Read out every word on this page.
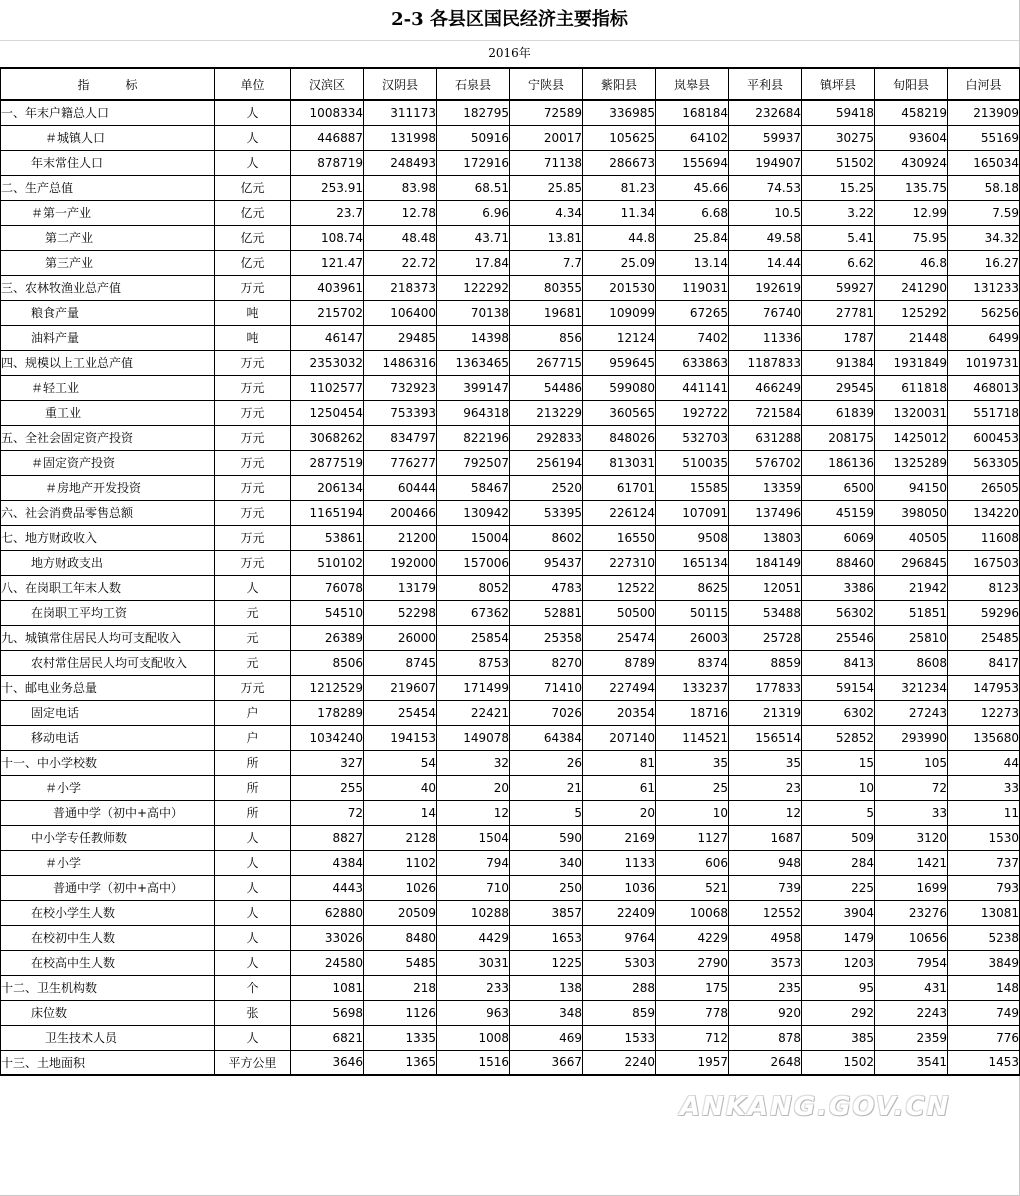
2-3 各县区国民经济主要指标
2016年
指　　　标	单位	汉滨区	汉阴县	石泉县	宁陕县	紫阳县	岚皋县	平利县	镇坪县	旬阳县	白河县
一、年末户籍总人口	人	1008334	311173	182795	72589	336985	168184	232684	59418	458219	213909
＃城镇人口	人	446887	131998	50916	20017	105625	64102	59937	30275	93604	55169
年末常住人口	人	878719	248493	172916	71138	286673	155694	194907	51502	430924	165034
二、生产总值	亿元	253.91	83.98	68.51	25.85	81.23	45.66	74.53	15.25	135.75	58.18
＃第一产业	亿元	23.7	12.78	6.96	4.34	11.34	6.68	10.5	3.22	12.99	7.59
第二产业	亿元	108.74	48.48	43.71	13.81	44.8	25.84	49.58	5.41	75.95	34.32
第三产业	亿元	121.47	22.72	17.84	7.7	25.09	13.14	14.44	6.62	46.8	16.27
三、农林牧渔业总产值	万元	403961	218373	122292	80355	201530	119031	192619	59927	241290	131233
粮食产量	吨	215702	106400	70138	19681	109099	67265	76740	27781	125292	56256
油料产量	吨	46147	29485	14398	856	12124	7402	11336	1787	21448	6499
四、规模以上工业总产值	万元	2353032	1486316	1363465	267715	959645	633863	1187833	91384	1931849	1019731
＃轻工业	万元	1102577	732923	399147	54486	599080	441141	466249	29545	611818	468013
重工业	万元	1250454	753393	964318	213229	360565	192722	721584	61839	1320031	551718
五、全社会固定资产投资	万元	3068262	834797	822196	292833	848026	532703	631288	208175	1425012	600453
＃固定资产投资	万元	2877519	776277	792507	256194	813031	510035	576702	186136	1325289	563305
＃房地产开发投资	万元	206134	60444	58467	2520	61701	15585	13359	6500	94150	26505
六、社会消费品零售总额	万元	1165194	200466	130942	53395	226124	107091	137496	45159	398050	134220
七、地方财政收入	万元	53861	21200	15004	8602	16550	9508	13803	6069	40505	11608
地方财政支出	万元	510102	192000	157006	95437	227310	165134	184149	88460	296845	167503
八、在岗职工年末人数	人	76078	13179	8052	4783	12522	8625	12051	3386	21942	8123
在岗职工平均工资	元	54510	52298	67362	52881	50500	50115	53488	56302	51851	59296
九、城镇常住居民人均可支配收入	元	26389	26000	25854	25358	25474	26003	25728	25546	25810	25485
农村常住居民人均可支配收入	元	8506	8745	8753	8270	8789	8374	8859	8413	8608	8417
十、邮电业务总量	万元	1212529	219607	171499	71410	227494	133237	177833	59154	321234	147953
固定电话	户	178289	25454	22421	7026	20354	18716	21319	6302	27243	12273
移动电话	户	1034240	194153	149078	64384	207140	114521	156514	52852	293990	135680
十一、中小学校数	所	327	54	32	26	81	35	35	15	105	44
＃小学	所	255	40	20	21	61	25	23	10	72	33
普通中学（初中+高中）	所	72	14	12	5	20	10	12	5	33	11
中小学专任教师数	人	8827	2128	1504	590	2169	1127	1687	509	3120	1530
＃小学	人	4384	1102	794	340	1133	606	948	284	1421	737
普通中学（初中+高中）	人	4443	1026	710	250	1036	521	739	225	1699	793
在校小学生人数	人	62880	20509	10288	3857	22409	10068	12552	3904	23276	13081
在校初中生人数	人	33026	8480	4429	1653	9764	4229	4958	1479	10656	5238
在校高中生人数	人	24580	5485	3031	1225	5303	2790	3573	1203	7954	3849
十二、卫生机构数	个	1081	218	233	138	288	175	235	95	431	148
床位数	张	5698	1126	963	348	859	778	920	292	2243	749
卫生技术人员	人	6821	1335	1008	469	1533	712	878	385	2359	776
十三、土地面积	平方公里	3646	1365	1516	3667	2240	1957	2648	1502	3541	1453
ANKANG.GOV.CN
